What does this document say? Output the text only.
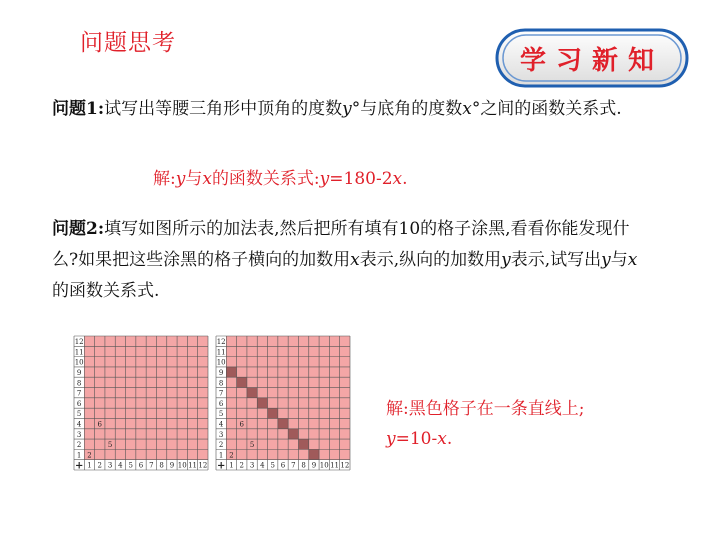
问题思考
学习新知
问题1:试写出等腰三角形中顶角的度数y°与底角的度数x°之间的函数关系式.
解:y与x的函数关系式:y=180-2x.
问题2:填写如图所示的加法表,然后把所有填有10的格子涂黑,看看你能发现什么?如果把这些涂黑的格子横向的加数用x表示,纵向的加数用y表示,试写出y与x的函数关系式.
12
11
10
9
8
7
6
5
4
3
2
1
1 2 3 4 5 6 7 8 9 10 11 12
+
2
5
6
12
11
10
9
8
7
6
5
4
3
2
1
1 2 3 4 5 6 7 8 9 10 11 12
+
2
5
6
解:黑色格子在一条直线上;
y=10-x.
